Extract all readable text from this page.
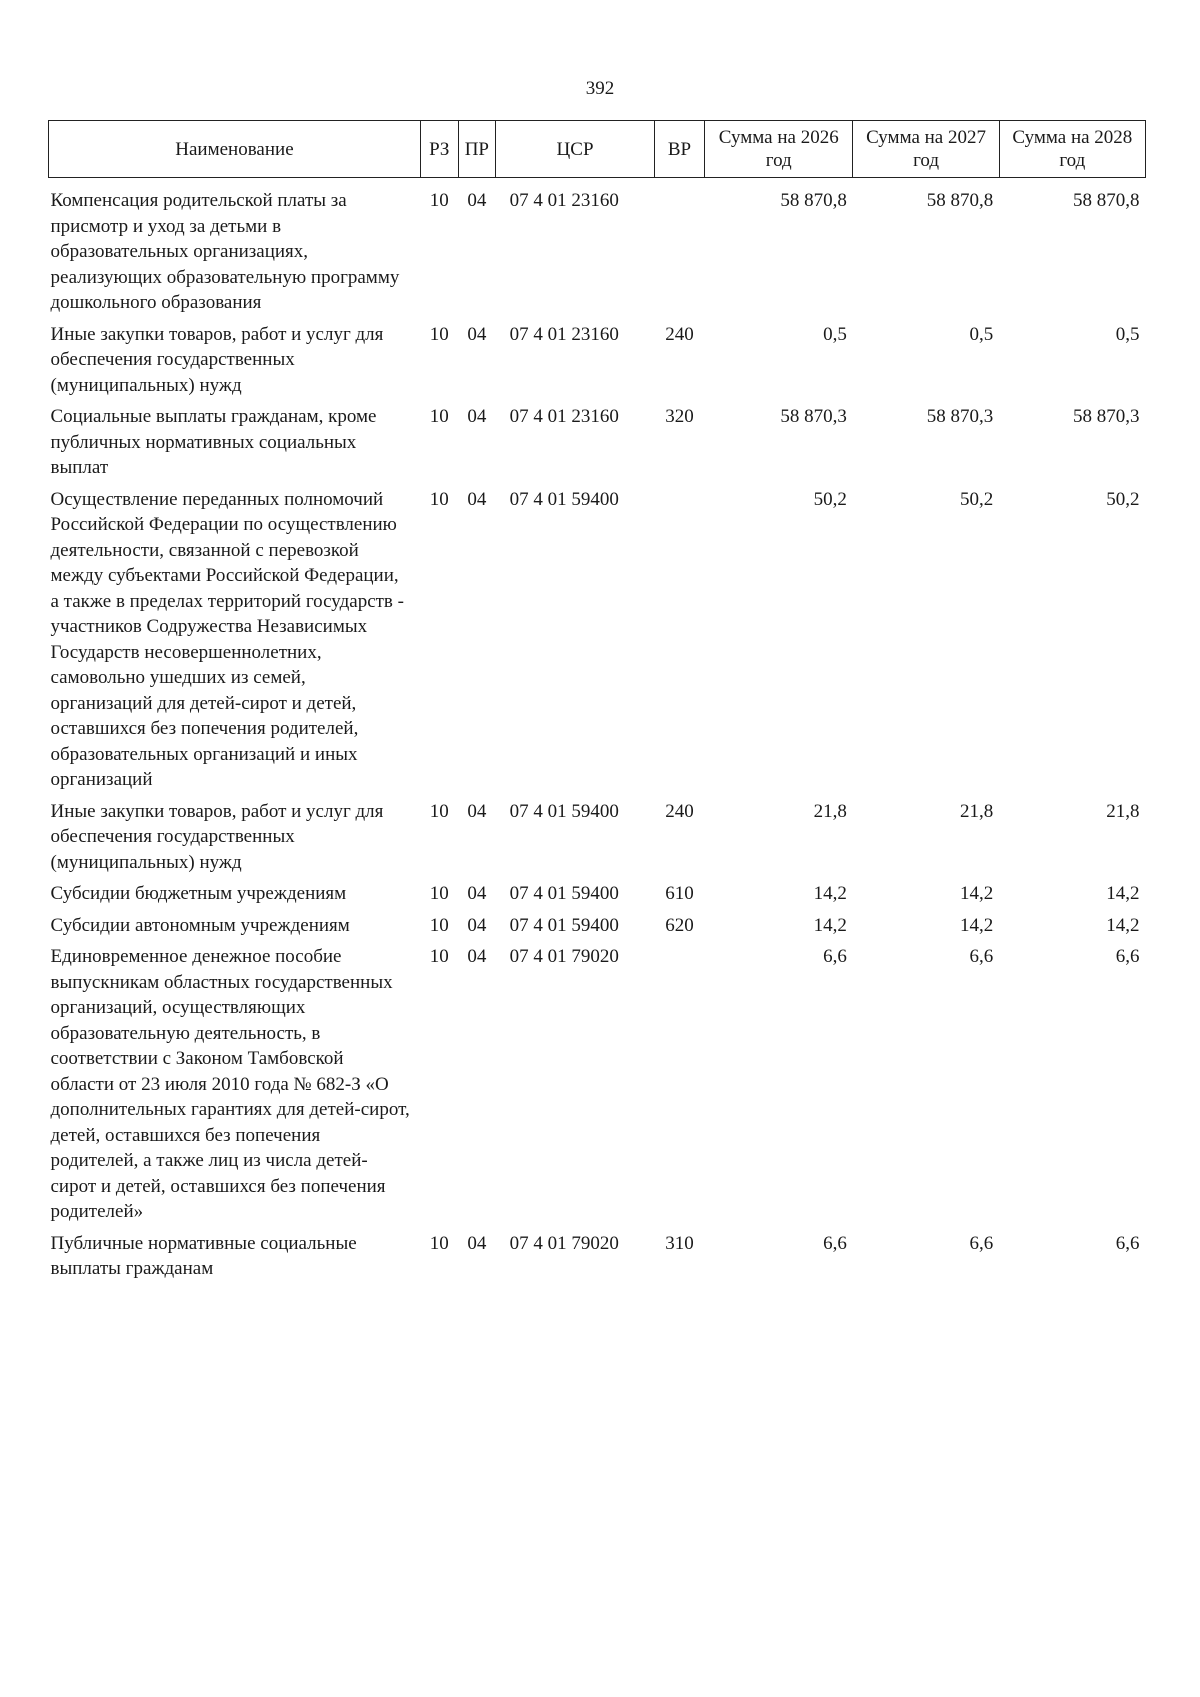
392
Наименование	РЗ	ПР	ЦСР	ВР	Сумма на 2026 год	Сумма на 2027 год	Сумма на 2028 год
Компенсация родительской платы за присмотр и уход за детьми в образовательных организациях, реализующих образовательную программу дошкольного образования	10	04	07 4 01 23160		58 870,8	58 870,8	58 870,8
Иные закупки товаров, работ и услуг для обеспечения государственных (муниципальных) нужд	10	04	07 4 01 23160	240	0,5	0,5	0,5
Социальные выплаты гражданам, кроме публичных нормативных социальных выплат	10	04	07 4 01 23160	320	58 870,3	58 870,3	58 870,3
Осуществление переданных полномочий Российской Федерации по осуществлению деятельности, связанной с перевозкой между субъектами Российской Федерации, а также в пределах территорий государств - участников Содружества Независимых Государств несовершеннолетних, самовольно ушедших из семей, организаций для детей-сирот и детей, оставшихся без попечения родителей, образовательных организаций и иных организаций	10	04	07 4 01 59400		50,2	50,2	50,2
Иные закупки товаров, работ и услуг для обеспечения государственных (муниципальных) нужд	10	04	07 4 01 59400	240	21,8	21,8	21,8
Субсидии бюджетным учреждениям	10	04	07 4 01 59400	610	14,2	14,2	14,2
Субсидии автономным учреждениям	10	04	07 4 01 59400	620	14,2	14,2	14,2
Единовременное денежное пособие выпускникам областных государственных организаций, осуществляющих образовательную деятельность, в соответствии с Законом Тамбовской области от 23 июля 2010 года № 682-З «О дополнительных гарантиях для детей-сирот, детей, оставшихся без попечения родителей, а также лиц из числа детей-сирот и детей, оставшихся без попечения родителей»	10	04	07 4 01 79020		6,6	6,6	6,6
Публичные нормативные социальные выплаты гражданам	10	04	07 4 01 79020	310	6,6	6,6	6,6
